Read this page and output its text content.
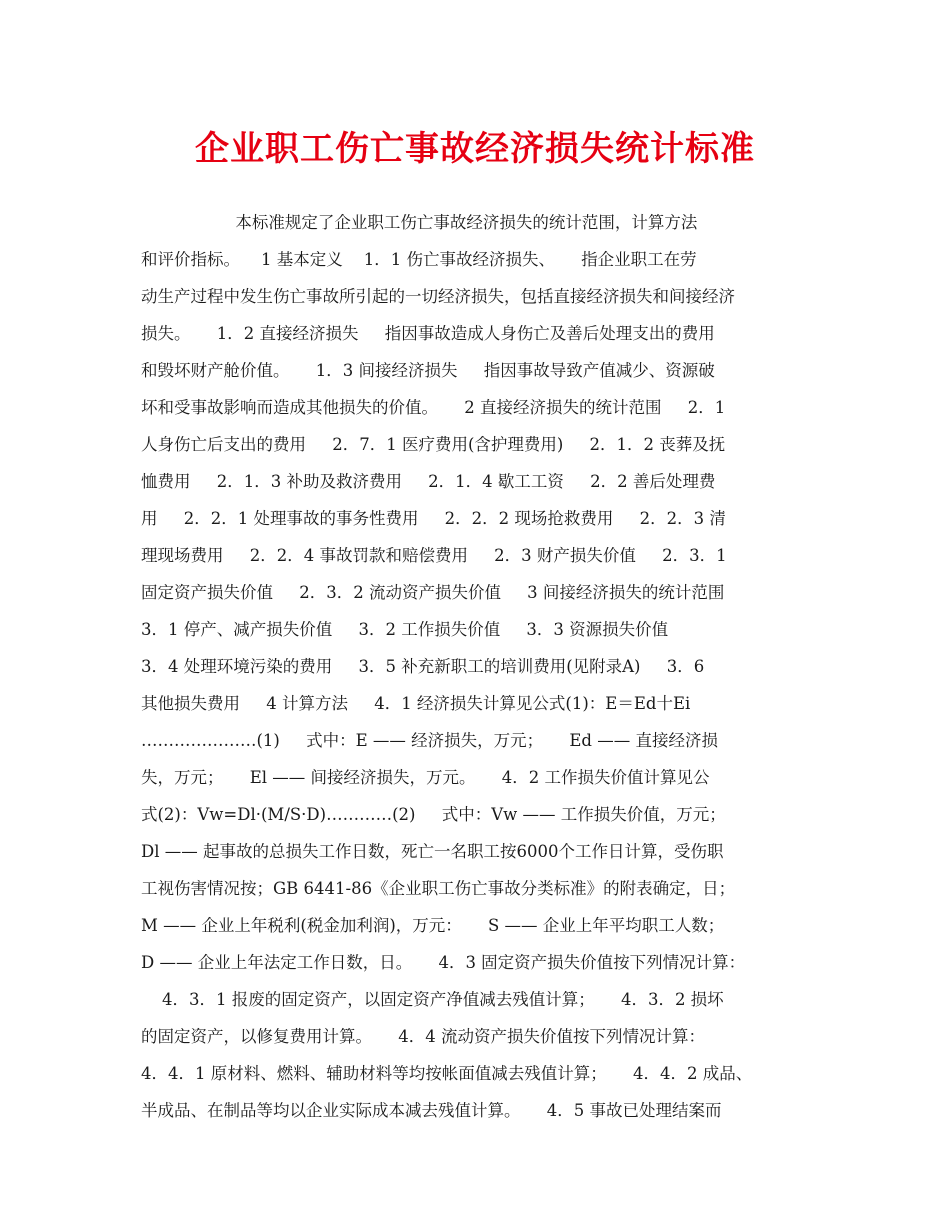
企业职工伤亡事故经济损失统计标准
本标准规定了企业职工伤亡事故经济损失的统计范围，计算方法
和评价指标。    1 基本定义    1．1 伤亡事故经济损失、     指企业职工在劳
动生产过程中发生伤亡事故所引起的一切经济损失，包括直接经济损失和间接经济
损失。     1．2 直接经济损失     指因事故造成人身伤亡及善后处理支出的费用
和毁坏财产舱价值。     1．3 间接经济损失     指因事故导致产值减少、资源破
坏和受事故影响而造成其他损失的价值。     2 直接经济损失的统计范围     2．1
人身伤亡后支出的费用     2．7．1 医疗费用(含护理费用)     2．1．2 丧葬及抚
恤费用     2．1．3 补助及救济费用     2．1．4 歇工工资     2．2 善后处理费
用     2．2．1 处理事故的事务性费用     2．2．2 现场抢救费用     2．2．3 清
理现场费用     2．2．4 事故罚款和赔偿费用     2．3 财产损失价值     2．3．1
固定资产损失价值     2．3．2 流动资产损失价值     3 间接经济损失的统计范围
3．1 停产、减产损失价值     3．2 工作损失价值     3．3 资源损失价值
3．4 处理环境污染的费用     3．5 补充新职工的培训费用(见附录A)     3．6
其他损失费用     4 计算方法     4．1 经济损失计算见公式(1)：E＝Ed十Ei
…………………(1)     式中：E —— 经济损失，万元；     Ed —— 直接经济损
失，万元；     El —— 间接经济损失，万元。     4．2 工作损失价值计算见公
式(2)：Vw=Dl·(M/S·D)…………(2)     式中：Vw —— 工作损失价值，万元；
Dl —— 起事故的总损失工作日数，死亡一名职工按6000个工作日计算，受伤职
工视伤害情况按；GB 6441-86《企业职工伤亡事故分类标准》的附表确定，日；
M —— 企业上年税利(税金加利润)，万元：     S —— 企业上年平均职工人数；
D —— 企业上年法定工作日数，日。     4．3 固定资产损失价值按下列情况计算：
4．3．1 报废的固定资产，以固定资产净值减去残值计算；     4．3．2 损坏
的固定资产，以修复费用计算。     4．4 流动资产损失价值按下列情况计算：
4．4．1 原材料、燃料、辅助材料等均按帐面值减去残值计算；     4．4．2 成品、
半成品、在制品等均以企业实际成本减去残值计算。     4．5 事故已处理结案而
